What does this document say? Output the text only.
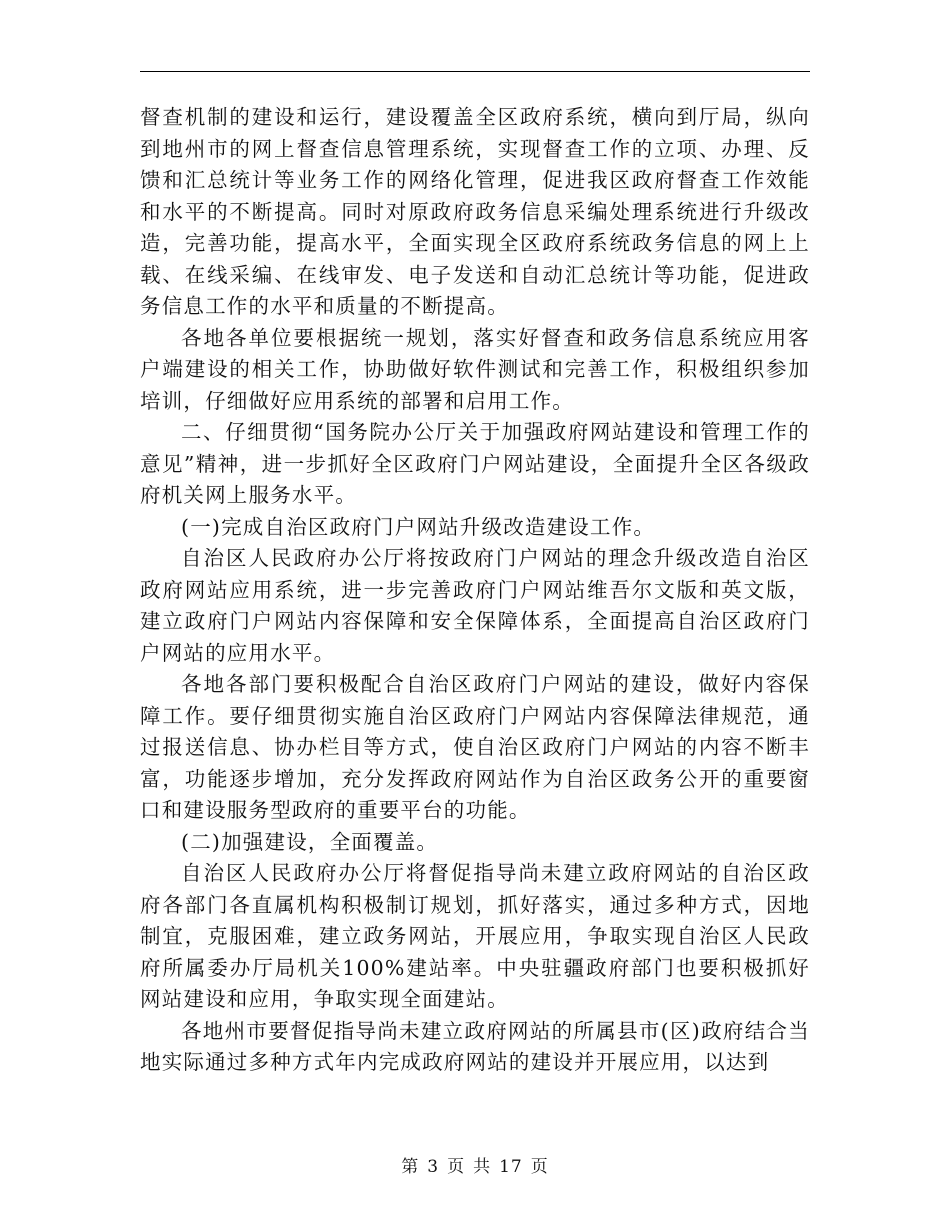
督查机制的建设和运行，建设覆盖全区政府系统，横向到厅局，纵向到地州市的网上督查信息管理系统，实现督查工作的立项、办理、反馈和汇总统计等业务工作的网络化管理，促进我区政府督查工作效能和水平的不断提高。同时对原政府政务信息采编处理系统进行升级改造，完善功能，提高水平，全面实现全区政府系统政务信息的网上上载、在线采编、在线审发、电子发送和自动汇总统计等功能，促进政务信息工作的水平和质量的不断提高。

各地各单位要根据统一规划，落实好督查和政务信息系统应用客户端建设的相关工作，协助做好软件测试和完善工作，积极组织参加培训，仔细做好应用系统的部署和启用工作。

二、仔细贯彻“国务院办公厅关于加强政府网站建设和管理工作的意见”精神，进一步抓好全区政府门户网站建设，全面提升全区各级政府机关网上服务水平。

(一)完成自治区政府门户网站升级改造建设工作。

自治区人民政府办公厅将按政府门户网站的理念升级改造自治区政府网站应用系统，进一步完善政府门户网站维吾尔文版和英文版，建立政府门户网站内容保障和安全保障体系，全面提高自治区政府门户网站的应用水平。

各地各部门要积极配合自治区政府门户网站的建设，做好内容保障工作。要仔细贯彻实施自治区政府门户网站内容保障法律规范，通过报送信息、协办栏目等方式，使自治区政府门户网站的内容不断丰富，功能逐步增加，充分发挥政府网站作为自治区政务公开的重要窗口和建设服务型政府的重要平台的功能。

(二)加强建设，全面覆盖。

自治区人民政府办公厅将督促指导尚未建立政府网站的自治区政府各部门各直属机构积极制订规划，抓好落实，通过多种方式，因地制宜，克服困难，建立政务网站，开展应用，争取实现自治区人民政府所属委办厅局机关100%建站率。中央驻疆政府部门也要积极抓好网站建设和应用，争取实现全面建站。

各地州市要督促指导尚未建立政府网站的所属县市(区)政府结合当地实际通过多种方式年内完成政府网站的建设并开展应用，以达到

第 3 页 共 17 页
